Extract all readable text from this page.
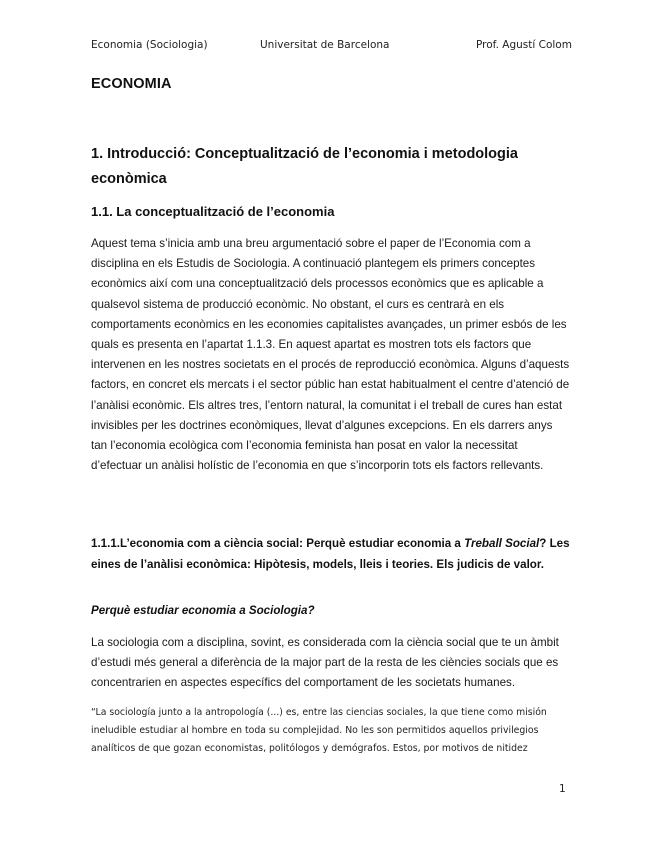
Economia (Sociologia)	Universitat de Barcelona	Prof. Agustí Colom
ECONOMIA
1. Introducció: Conceptualització de l’economia i metodologia econòmica
1.1. La conceptualització de l’economia

Aquest tema s’inicia amb una breu argumentació sobre el paper de l’Economia com a disciplina en els Estudis de Sociologia. A continuació plantegem els primers conceptes econòmics així com una conceptualització dels processos econòmics que es aplicable a qualsevol sistema de producció econòmic. No obstant, el curs es centrarà en els comportaments econòmics en les economies capitalistes avançades, un primer esbós de les quals es presenta en l’apartat 1.1.3. En aquest apartat es mostren tots els factors que intervenen en les nostres societats en el procés de reproducció econòmica. Alguns d’aquests factors, en concret els mercats i el sector públic han estat habitualment el centre d’atenció de l’anàlisi econòmic. Els altres tres, l’entorn natural, la comunitat i el treball de cures han estat invisibles per les doctrines econòmiques, llevat d’algunes excepcions. En els darrers anys tan l’economia ecològica com l’economia feminista han posat en valor la necessitat d’efectuar un anàlisi holístic de l’economia en que s’incorporin tots els factors rellevants.

1.1.1.L’economia com a ciència social: Perquè estudiar economia a Treball Social? Les eines de l’anàlisi econòmica: Hipòtesis, models, lleis i teories. Els judicis de valor.
Perquè estudiar economia a Sociologia?

La sociologia com a disciplina, sovint, es considerada com la ciència social que te un àmbit d’estudi més general a diferència de la major part de la resta de les ciències socials que es concentrarien en aspectes específics del comportament de les societats humanes.

“La sociología junto a la antropología (...) es, entre las ciencias sociales, la que tiene como misión ineludible estudiar al hombre en toda su complejidad. No les son permitidos aquellos privilegios analíticos de que gozan economistas, politólogos y demógrafos. Estos, por motivos de nitidez

1
